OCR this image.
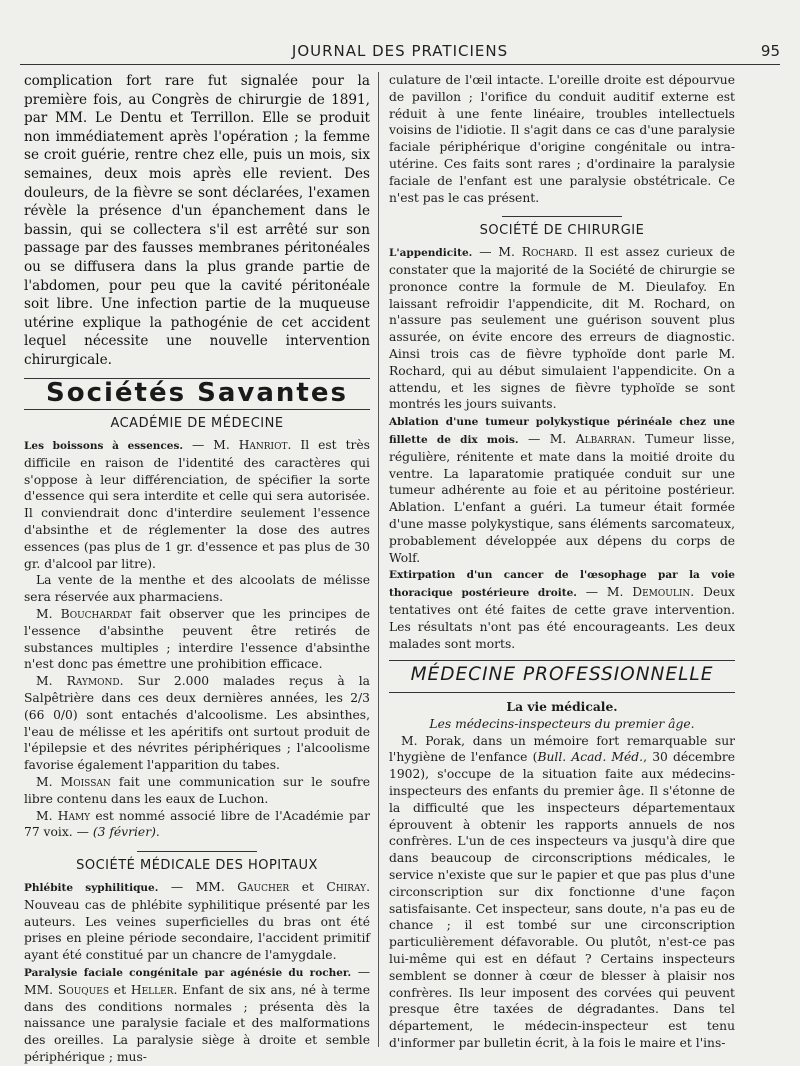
JOURNAL DES PRATICIENS	95

complication fort rare fut signalée pour la première fois, au Congrès de chirurgie de 1891, par MM. Le Dentu et Terrillon. Elle se produit non immédiatement après l'opération ; la femme se croit guérie, rentre chez elle, puis un mois, six semaines, deux mois après elle revient. Des douleurs, de la fièvre se sont déclarées, l'examen révèle la présence d'un épanchement dans le bassin, qui se collectera s'il est arrêté sur son passage par des fausses membranes péritonéales ou se diffusera dans la plus grande partie de l'abdomen, pour peu que la cavité péritonéale soit libre. Une infection partie de la muqueuse utérine explique la pathogénie de cet accident lequel nécessite une nouvelle intervention chirurgicale.

Sociétés Savantes
ACADÉMIE DE MÉDECINE

Les boissons à essences. — M. Hanriot. Il est très difficile en raison de l'identité des caractères qui s'oppose à leur différenciation, de spécifier la sorte d'essence qui sera interdite et celle qui sera autorisée. Il conviendrait donc d'interdire seulement l'essence d'absinthe et de réglementer la dose des autres essences (pas plus de 1 gr. d'essence et pas plus de 30 gr. d'alcool par litre).

La vente de la menthe et des alcoolats de mélisse sera réservée aux pharmaciens.

M. Bouchardat fait observer que les principes de l'essence d'absinthe peuvent être retirés de substances multiples ; interdire l'essence d'absinthe n'est donc pas émettre une prohibition efficace.

M. Raymond. Sur 2.000 malades reçus à la Salpêtrière dans ces deux dernières années, les 2/3 (66 0/0) sont entachés d'alcoolisme. Les absinthes, l'eau de mélisse et les apéritifs ont surtout produit de l'épilepsie et des névrites périphériques ; l'alcoolisme favorise également l'apparition du tabes.

M. Moissan fait une communication sur le soufre libre contenu dans les eaux de Luchon.

M. Hamy est nommé associé libre de l'Académie par 77 voix. — (3 février).

SOCIÉTÉ MÉDICALE DES HOPITAUX

Phlébite syphilitique. — MM. Gaucher et Chiray. Nouveau cas de phlébite syphilitique présenté par les auteurs. Les veines superficielles du bras ont été prises en pleine période secondaire, l'accident primitif ayant été constitué par un chancre de l'amygdale.

Paralysie faciale congénitale par agénésie du rocher. — MM. Souques et Heller. Enfant de six ans, né à terme dans des conditions normales ; présenta dès la naissance une paralysie faciale et des malformations des oreilles. La paralysie siège à droite et semble périphérique ; mus-

culature de l'œil intacte. L'oreille droite est dépourvue de pavillon ; l'orifice du conduit auditif externe est réduit à une fente linéaire, troubles intellectuels voisins de l'idiotie. Il s'agit dans ce cas d'une paralysie faciale périphérique d'origine congénitale ou intra-utérine. Ces faits sont rares ; d'ordinaire la paralysie faciale de l'enfant est une paralysie obstétricale. Ce n'est pas le cas présent.

SOCIÉTÉ DE CHIRURGIE

L'appendicite. — M. Rochard. Il est assez curieux de constater que la majorité de la Société de chirurgie se prononce contre la formule de M. Dieulafoy. En laissant refroidir l'appendicite, dit M. Rochard, on n'assure pas seulement une guérison souvent plus assurée, on évite encore des erreurs de diagnostic. Ainsi trois cas de fièvre typhoïde dont parle M. Rochard, qui au début simulaient l'appendicite. On a attendu, et les signes de fièvre typhoïde se sont montrés les jours suivants.

Ablation d'une tumeur polykystique périnéale chez une fillette de dix mois. — M. Albarran. Tumeur lisse, régulière, rénitente et mate dans la moitié droite du ventre. La laparatomie pratiquée conduit sur une tumeur adhérente au foie et au péritoine postérieur. Ablation. L'enfant a guéri. La tumeur était formée d'une masse polykystique, sans éléments sarcomateux, probablement développée aux dépens du corps de Wolf.

Extirpation d'un cancer de l'œsophage par la voie thoracique postérieure droite. — M. Demoulin. Deux tentatives ont été faites de cette grave intervention. Les résultats n'ont pas été encourageants. Les deux malades sont morts.

MÉDECINE PROFESSIONNELLE

La vie médicale.

Les médecins-inspecteurs du premier âge.

M. Porak, dans un mémoire fort remarquable sur l'hygiène de l'enfance (Bull. Acad. Méd., 30 décembre 1902), s'occupe de la situation faite aux médecins-inspecteurs des enfants du premier âge. Il s'étonne de la difficulté que les inspecteurs départementaux éprouvent à obtenir les rapports annuels de nos confrères. L'un de ces inspecteurs va jusqu'à dire que dans beaucoup de circonscriptions médicales, le service n'existe que sur le papier et que pas plus d'une circonscription sur dix fonctionne d'une façon satisfaisante. Cet inspecteur, sans doute, n'a pas eu de chance ; il est tombé sur une circonscription particulièrement défavorable. Ou plutôt, n'est-ce pas lui-même qui est en défaut ? Certains inspecteurs semblent se donner à cœur de blesser à plaisir nos confrères. Ils leur imposent des corvées qui peuvent presque être taxées de dégradantes. Dans tel département, le médecin-inspecteur est tenu d'informer par bulletin écrit, à la fois le maire et l'ins-
